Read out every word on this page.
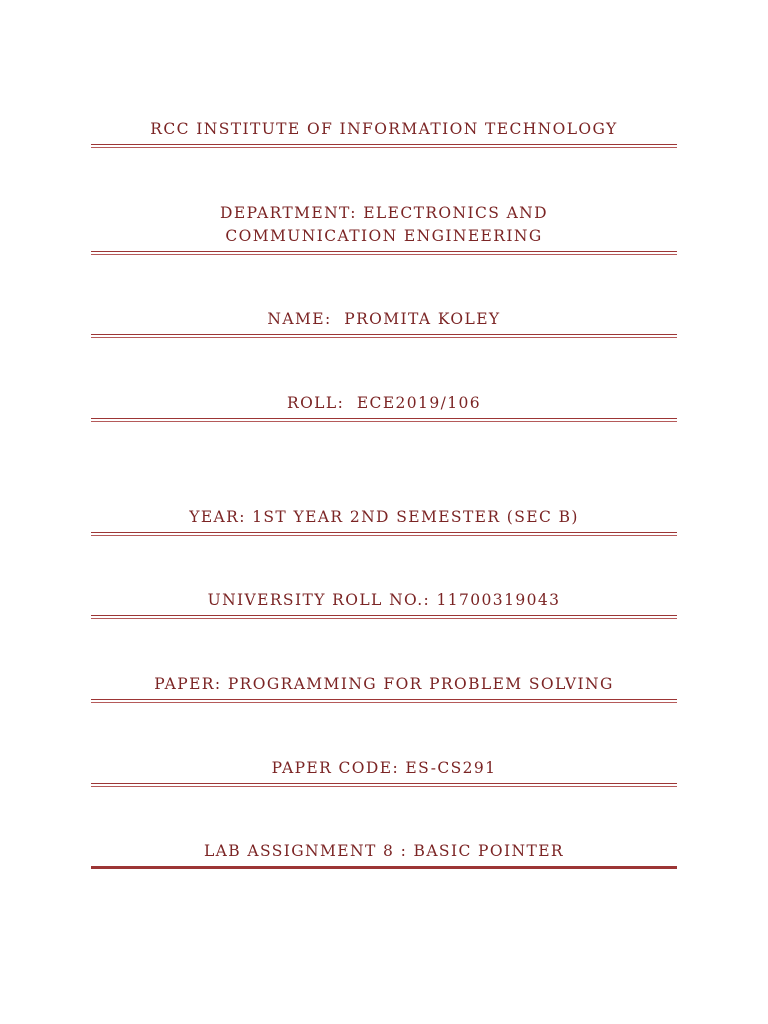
RCC INSTITUTE OF INFORMATION TECHNOLOGY

DEPARTMENT: ELECTRONICS AND COMMUNICATION ENGINEERING

NAME:  PROMITA KOLEY

ROLL:  ECE2019/106

YEAR: 1ST YEAR 2ND SEMESTER (SEC B)

UNIVERSITY ROLL NO.: 11700319043

PAPER: PROGRAMMING FOR PROBLEM SOLVING

PAPER CODE: ES-CS291

LAB ASSIGNMENT 8 : BASIC POINTER
